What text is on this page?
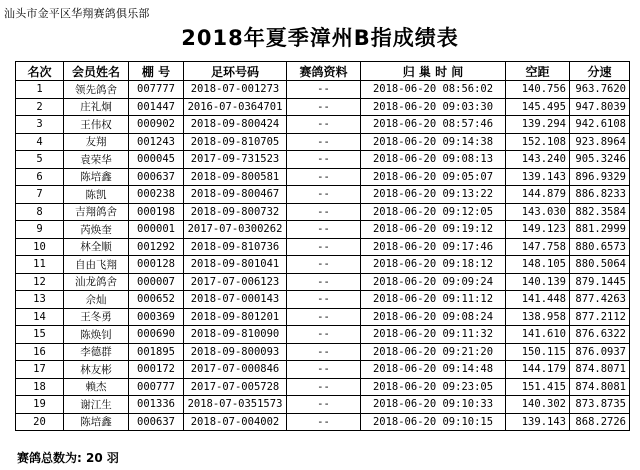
汕头市金平区华翔赛鸽俱乐部
2018年夏季漳州B指成绩表
名次	会员姓名	棚 号	足环号码	赛鸽资料	归 巢 时 间	空距	分速
1	领先鸽舍	007777	2018-07-001273	--	2018-06-20 08:56:02	140.756	963.7620
2	庄礼炯	001447	2016-07-0364701	--	2018-06-20 09:03:30	145.495	947.8039
3	王伟权	000902	2018-09-800424	--	2018-06-20 08:57:46	139.294	942.6108
4	友翔	001243	2018-09-810705	--	2018-06-20 09:14:38	152.108	923.8964
5	袁荣华	000045	2017-09-731523	--	2018-06-20 09:08:13	143.240	905.3246
6	陈培鑫	000637	2018-09-800581	--	2018-06-20 09:05:07	139.143	896.9329
7	陈凯	000238	2018-09-800467	--	2018-06-20 09:13:22	144.879	886.8233
8	吉翔鸽舍	000198	2018-09-800732	--	2018-06-20 09:12:05	143.030	882.3584
9	芮焕奎	000001	2017-07-0300262	--	2018-06-20 09:19:12	149.123	881.2999
10	林全顺	001292	2018-09-810736	--	2018-06-20 09:17:46	147.758	880.6573
11	自由飞翔	000128	2018-09-801041	--	2018-06-20 09:18:12	148.105	880.5064
12	汕龙鸽舍	000007	2017-07-006123	--	2018-06-20 09:09:24	140.139	879.1445
13	佘灿	000652	2018-07-000143	--	2018-06-20 09:11:12	141.448	877.4263
14	王冬勇	000369	2018-09-801201	--	2018-06-20 09:08:24	138.958	877.2112
15	陈焕钊	000690	2018-09-810090	--	2018-06-20 09:11:32	141.610	876.6322
16	李德群	001895	2018-09-800093	--	2018-06-20 09:21:20	150.115	876.0937
17	林友彬	000172	2017-07-000846	--	2018-06-20 09:14:48	144.179	874.8071
18	赖杰	000777	2017-07-005728	--	2018-06-20 09:23:05	151.415	874.8081
19	谢江生	001336	2018-07-0351573	--	2018-06-20 09:10:33	140.302	873.8735
20	陈培鑫	000637	2018-07-004002	--	2018-06-20 09:10:15	139.143	868.2726
赛鸽总数为: 20 羽
